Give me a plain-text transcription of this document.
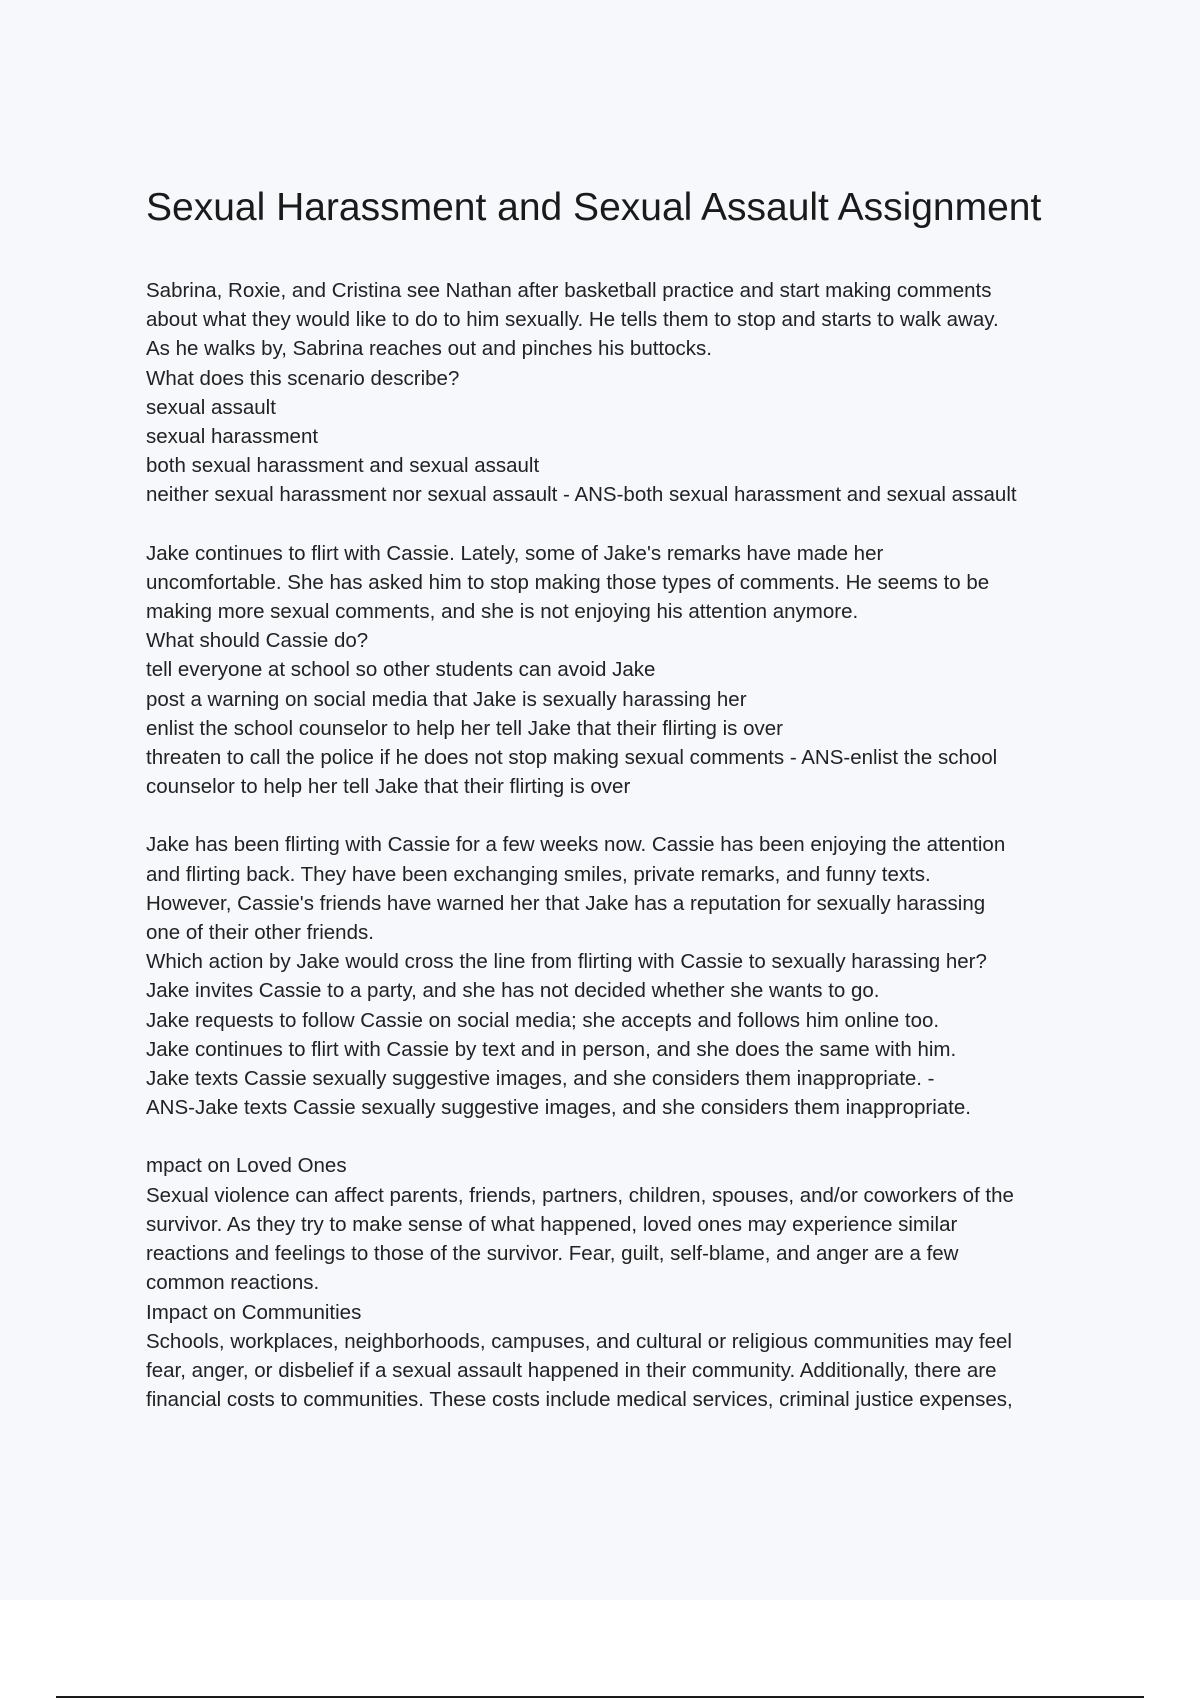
Sexual Harassment and Sexual Assault Assignment
Sabrina, Roxie, and Cristina see Nathan after basketball practice and start making comments
about what they would like to do to him sexually. He tells them to stop and starts to walk away.
As he walks by, Sabrina reaches out and pinches his buttocks.
What does this scenario describe?
sexual assault
sexual harassment
both sexual harassment and sexual assault
neither sexual harassment nor sexual assault - ANS-both sexual harassment and sexual assault
Jake continues to flirt with Cassie. Lately, some of Jake's remarks have made her
uncomfortable. She has asked him to stop making those types of comments. He seems to be
making more sexual comments, and she is not enjoying his attention anymore.
What should Cassie do?
tell everyone at school so other students can avoid Jake
post a warning on social media that Jake is sexually harassing her
enlist the school counselor to help her tell Jake that their flirting is over
threaten to call the police if he does not stop making sexual comments - ANS-enlist the school
counselor to help her tell Jake that their flirting is over
Jake has been flirting with Cassie for a few weeks now. Cassie has been enjoying the attention
and flirting back. They have been exchanging smiles, private remarks, and funny texts.
However, Cassie's friends have warned her that Jake has a reputation for sexually harassing
one of their other friends.
Which action by Jake would cross the line from flirting with Cassie to sexually harassing her?
Jake invites Cassie to a party, and she has not decided whether she wants to go.
Jake requests to follow Cassie on social media; she accepts and follows him online too.
Jake continues to flirt with Cassie by text and in person, and she does the same with him.
Jake texts Cassie sexually suggestive images, and she considers them inappropriate. -
ANS-Jake texts Cassie sexually suggestive images, and she considers them inappropriate.
mpact on Loved Ones
Sexual violence can affect parents, friends, partners, children, spouses, and/or coworkers of the
survivor. As they try to make sense of what happened, loved ones may experience similar
reactions and feelings to those of the survivor. Fear, guilt, self-blame, and anger are a few
common reactions.
Impact on Communities
Schools, workplaces, neighborhoods, campuses, and cultural or religious communities may feel
fear, anger, or disbelief if a sexual assault happened in their community. Additionally, there are
financial costs to communities. These costs include medical services, criminal justice expenses,
